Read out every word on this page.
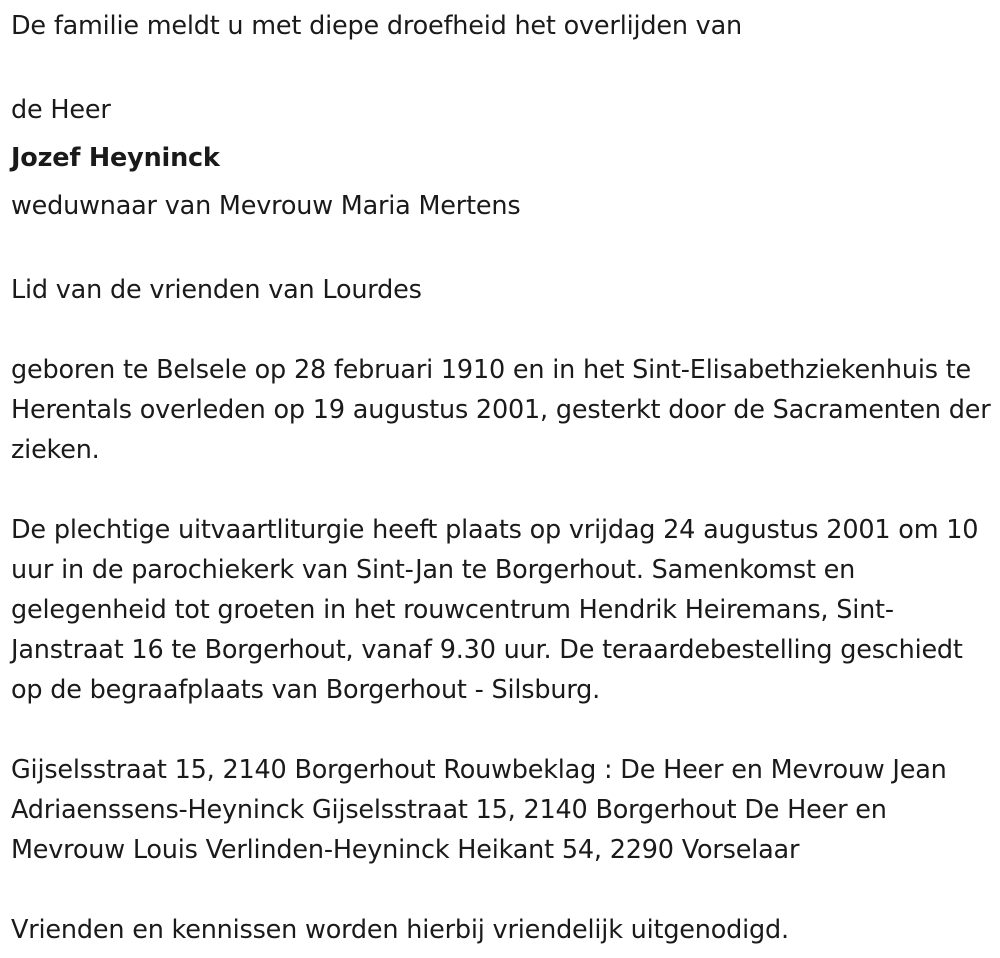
De familie meldt u met diepe droefheid het overlijden van

de Heer

Jozef Heyninck

weduwnaar van Mevrouw Maria Mertens

Lid van de vrienden van Lourdes

geboren te Belsele op 28 februari 1910 en in het Sint-Elisabethziekenhuis te Herentals overleden op 19 augustus 2001, gesterkt door de Sacramenten der zieken.

De plechtige uitvaartliturgie heeft plaats op vrijdag 24 augustus 2001 om 10 uur in de parochiekerk van Sint-Jan te Borgerhout. Samenkomst en gelegenheid tot groeten in het rouwcentrum Hendrik Heiremans, Sint-Janstraat 16 te Borgerhout, vanaf 9.30 uur. De teraardebestelling geschiedt op de begraafplaats van Borgerhout - Silsburg.

Gijselsstraat 15, 2140 Borgerhout Rouwbeklag : De Heer en Mevrouw Jean Adriaenssens-Heyninck Gijselsstraat 15, 2140 Borgerhout De Heer en Mevrouw Louis Verlinden-Heyninck Heikant 54, 2290 Vorselaar

Vrienden en kennissen worden hierbij vriendelijk uitgenodigd.
